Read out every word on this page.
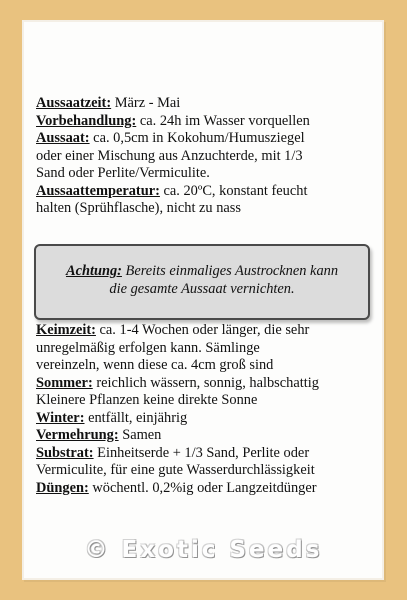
Aussaatzeit: März - Mai
Vorbehandlung: ca. 24h im Wasser vorquellen
Aussaat: ca. 0,5cm in Kokohum/Humusziegel
oder einer Mischung aus Anzuchterde, mit 1/3
Sand oder Perlite/Vermiculite.
Aussaattemperatur: ca. 20ºC, konstant feucht
halten (Sprühflasche), nicht zu nass
Achtung: Bereits einmaliges Austrocknen kann
die gesamte Aussaat vernichten.
Keimzeit: ca. 1-4 Wochen oder länger, die sehr
unregelmäßig erfolgen kann. Sämlinge
vereinzeln, wenn diese ca. 4cm groß sind
Sommer: reichlich wässern, sonnig, halbschattig
Kleinere Pflanzen keine direkte Sonne
Winter: entfällt, einjährig
Vermehrung: Samen
Substrat: Einheitserde + 1/3 Sand, Perlite oder
Vermiculite, für eine gute Wasserdurchlässigkeit
Düngen: wöchentl. 0,2%ig oder Langzeitdünger
© Exotic Seeds
